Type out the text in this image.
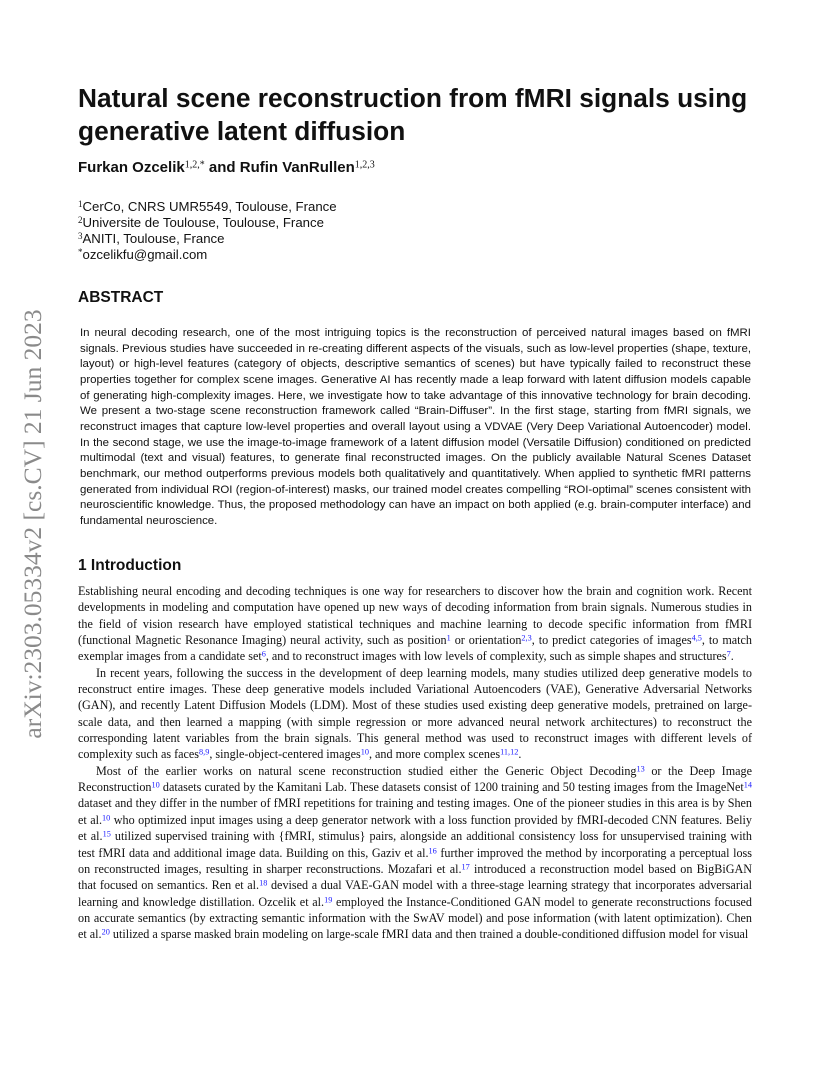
arXiv:2303.05334v2 [cs.CV] 21 Jun 2023
Natural scene reconstruction from fMRI signals using generative latent diffusion
Furkan Ozcelik$^{1,2,*}$ and Rufin VanRullen$^{1,2,3}$
$^1$CerCo, CNRS UMR5549, Toulouse, France
$^2$Universite de Toulouse, Toulouse, France
$^3$ANITI, Toulouse, France
*ozcelikfu@gmail.com
ABSTRACT

In neural decoding research, one of the most intriguing topics is the reconstruction of perceived natural images based on fMRI signals. Previous studies have succeeded in re-creating different aspects of the visuals, such as low-level properties (shape, texture, layout) or high-level features (category of objects, descriptive semantics of scenes) but have typically failed to reconstruct these properties together for complex scene images. Generative AI has recently made a leap forward with latent diffusion models capable of generating high-complexity images. Here, we investigate how to take advantage of this innovative technology for brain decoding. We present a two-stage scene reconstruction framework called “Brain-Diffuser”. In the first stage, starting from fMRI signals, we reconstruct images that capture low-level properties and overall layout using a VDVAE (Very Deep Variational Autoencoder) model. In the second stage, we use the image-to-image framework of a latent diffusion model (Versatile Diffusion) conditioned on predicted multimodal (text and visual) features, to generate final reconstructed images. On the publicly available Natural Scenes Dataset benchmark, our method outperforms previous models both qualitatively and quantitatively. When applied to synthetic fMRI patterns generated from individual ROI (region-of-interest) masks, our trained model creates compelling “ROI-optimal” scenes consistent with neuroscientific knowledge. Thus, the proposed methodology can have an impact on both applied (e.g. brain-computer interface) and fundamental neuroscience.

1 Introduction

Establishing neural encoding and decoding techniques is one way for researchers to discover how the brain and cognition work. Recent developments in modeling and computation have opened up new ways of decoding information from brain signals. Numerous studies in the field of vision research have employed statistical techniques and machine learning to decode specific information from fMRI (functional Magnetic Resonance Imaging) neural activity, such as position$^1$ or orientation$^{2,3}$, to predict categories of images$^{4,5}$, to match exemplar images from a candidate set$^6$, and to reconstruct images with low levels of complexity, such as simple shapes and structures$^7$.

In recent years, following the success in the development of deep learning models, many studies utilized deep generative models to reconstruct entire images. These deep generative models included Variational Autoencoders (VAE), Generative Adversarial Networks (GAN), and recently Latent Diffusion Models (LDM). Most of these studies used existing deep generative models, pretrained on large-scale data, and then learned a mapping (with simple regression or more advanced neural network architectures) to reconstruct the corresponding latent variables from the brain signals. This general method was used to reconstruct images with different levels of complexity such as faces$^{8,9}$, single-object-centered images$^{10}$, and more complex scenes$^{11,12}$.

Most of the earlier works on natural scene reconstruction studied either the Generic Object Decoding$^{13}$ or the Deep Image Reconstruction$^{10}$ datasets curated by the Kamitani Lab. These datasets consist of 1200 training and 50 testing images from the ImageNet$^{14}$ dataset and they differ in the number of fMRI repetitions for training and testing images. One of the pioneer studies in this area is by Shen et al.$^{10}$ who optimized input images using a deep generator network with a loss function provided by fMRI-decoded CNN features. Beliy et al.$^{15}$ utilized supervised training with {fMRI, stimulus} pairs, alongside an additional consistency loss for unsupervised training with test fMRI data and additional image data. Building on this, Gaziv et al.$^{16}$ further improved the method by incorporating a perceptual loss on reconstructed images, resulting in sharper reconstructions. Mozafari et al.$^{17}$ introduced a reconstruction model based on BigBiGAN that focused on semantics. Ren et al.$^{18}$ devised a dual VAE-GAN model with a three-stage learning strategy that incorporates adversarial learning and knowledge distillation. Ozcelik et al.$^{19}$ employed the Instance-Conditioned GAN model to generate reconstructions focused on accurate semantics (by extracting semantic information with the SwAV model) and pose information (with latent optimization). Chen et al.$^{20}$ utilized a sparse masked brain modeling on large-scale fMRI data and then trained a double-conditioned diffusion model for visual
